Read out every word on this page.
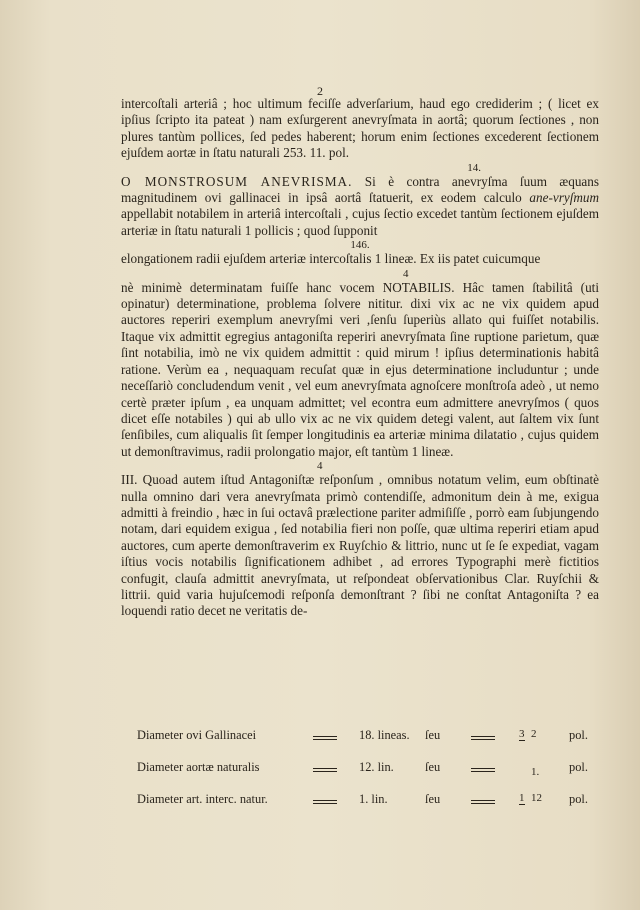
2

intercoſtali arteriâ ; hoc ultimum feciſſe adverſarium, haud ego crediderim ; ( licet ex ipſius ſcripto ita pateat ) nam exſurgerent anevryſmata in aortâ; quorum ſectiones , non plures tantùm pollices, ſed pedes haberent; horum enim ſectiones excederent ſectionem ejuſdem aortæ in ſtatu naturali 253. 11. pol.

14.

O MONSTROSUM ANEVRISMA. Si è contra anevryſma ſuum æquans magnitudinem ovi gallinacei in ipsâ aortâ ſtatuerit, ex eodem calculo ane-vryſmum appellabit notabilem in arteriâ intercoſtali , cujus ſectio excedet tantùm ſectionem ejuſdem arteriæ in ſtatu naturali 1 pollicis ; quod ſupponit

146.

elongationem radii ejuſdem arteriæ intercoſtalis 1 lineæ. Ex iis patet cuicumque

4

nè minimè determinatam fuiſſe hanc vocem NOTABILIS. Hâc tamen ſtabilitâ (uti opinatur) determinatione, problema ſolvere nititur. dixi vix ac ne vix quidem apud auctores reperiri exemplum anevryſmi veri ,ſenſu ſuperiùs allato qui fuiſſet notabilis. Itaque vix admittit egregius antagoniſta reperiri anevryſmata ſine ruptione parietum, quæ ſint notabilia, imò ne vix quidem admittit : quid mirum ! ipſius determinationis habitâ ratione. Verùm ea , nequaquam recuſat quæ in ejus determinatione includuntur ; unde neceſſariò concludendum venit , vel eum anevryſmata agnoſcere monſtroſa adeò , ut nemo certè præter ipſum , ea unquam admittet; vel econtra eum admittere anevryſmos ( quos dicet eſſe notabiles ) qui ab ullo vix ac ne vix quidem detegi valent, aut ſaltem vix ſunt ſenſibiles, cum aliqualis ſit ſemper longitudinis ea arteriæ minima dilatatio , cujus quidem ut demonſtravimus, radii prolongatio major, eſt tantùm 1 lineæ.

4

III. Quoad autem iſtud Antagoniſtæ reſponſum , omnibus notatum velim, eum obſtinatè nulla omnino dari vera anevryſmata primò contendiſſe, admonitum dein à me, exigua admitti à freindio , hæc in ſui octavâ prælectione pariter admiſiſſe , porrò eam ſubjungendo notam, dari equidem exigua , ſed notabilia fieri non poſſe, quæ ultima reperiri etiam apud auctores, cum aperte demonſtraverim ex Ruyſchio & littrio, nunc ut ſe ſe expediat, vagam iſtius vocis notabilis ſignificationem adhibet , ad errores Typographi merè fictitios confugit, clauſa admittit anevryſmata, ut reſpondeat obſervationibus Clar. Ruyſchii & littrii. quid varia hujuſcemodi reſponſa demonſtrant ? ſibi ne conſtat Antagoniſta ? ea loquendi ratio decet ne veritatis de-

Diameter ovi Gallinacei	18. lineas. ſeu	3 2	pol.
Diameter aortæ naturalis	12. lin.	ſeu	1. pol.
Diameter art. interc. natur.	1. lin.	ſeu	1 12 pol.
